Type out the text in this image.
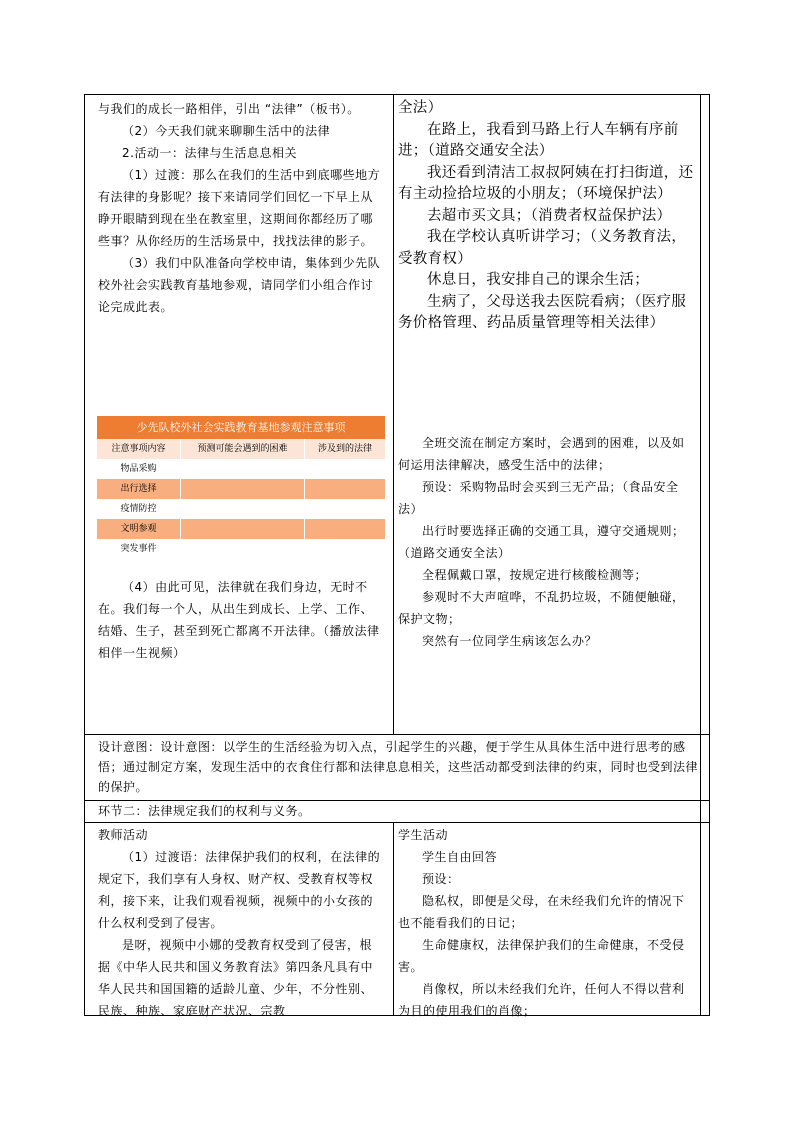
与我们的成长一路相伴，引出 “法律”（板书）。

（2）今天我们就来聊聊生活中的法律

2.活动一：法律与生活息息相关

（1）过渡：那么在我们的生活中到底哪些地方有法律的身影呢？接下来请同学们回忆一下早上从睁开眼睛到现在坐在教室里，这期间你都经历了哪些事？从你经历的生活场景中，找找法律的影子。

（3）我们中队准备向学校申请，集体到少先队校外社会实践教育基地参观，请同学们小组合作讨论完成此表。

少先队校外社会实践教育基地参观注意事项
注意事项内容	预测可能会遇到的困难	涉及到的法律
物品采购
出行选择
疫情防控
文明参观
突发事件

（4）由此可见，法律就在我们身边，无时不在。我们每一个人，从出生到成长、上学、工作、结婚、生子，甚至到死亡都离不开法律。（播放法律相伴一生视频）

全法）

在路上，我看到马路上行人车辆有序前进；（道路交通安全法）

我还看到清洁工叔叔阿姨在打扫街道，还有主动捡拾垃圾的小朋友；（环境保护法）

去超市买文具；（消费者权益保护法）

我在学校认真听讲学习；（义务教育法，受教育权）

休息日，我安排自己的课余生活；

生病了，父母送我去医院看病；（医疗服务价格管理、药品质量管理等相关法律）

全班交流在制定方案时，会遇到的困难，以及如何运用法律解决，感受生活中的法律；

预设：采购物品时会买到三无产品；（食品安全法）

出行时要选择正确的交通工具，遵守交通规则；（道路交通安全法）

全程佩戴口罩，按规定进行核酸检测等；

参观时不大声喧哗，不乱扔垃圾，不随便触碰，保护文物；

突然有一位同学生病该怎么办？

设计意图：设计意图：以学生的生活经验为切入点，引起学生的兴趣，便于学生从具体生活中进行思考的感悟；通过制定方案，发现生活中的衣食住行都和法律息息相关，这些活动都受到法律的约束，同时也受到法律的保护。

环节二：法律规定我们的权利与义务。

教师活动

（1）过渡语：法律保护我们的权利，在法律的规定下，我们享有人身权、财产权、受教育权等权利，接下来，让我们观看视频，视频中的小女孩的什么权利受到了侵害。

是呀，视频中小娜的受教育权受到了侵害，根据《中华人民共和国义务教育法》第四条凡具有中华人民共和国国籍的适龄儿童、少年，不分性别、民族、种族、家庭财产状况、宗教

学生活动

学生自由回答

预设：

隐私权，即便是父母，在未经我们允许的情况下也不能看我们的日记；

生命健康权，法律保护我们的生命健康，不受侵害。

肖像权，所以未经我们允许，任何人不得以营利为目的使用我们的肖像；
